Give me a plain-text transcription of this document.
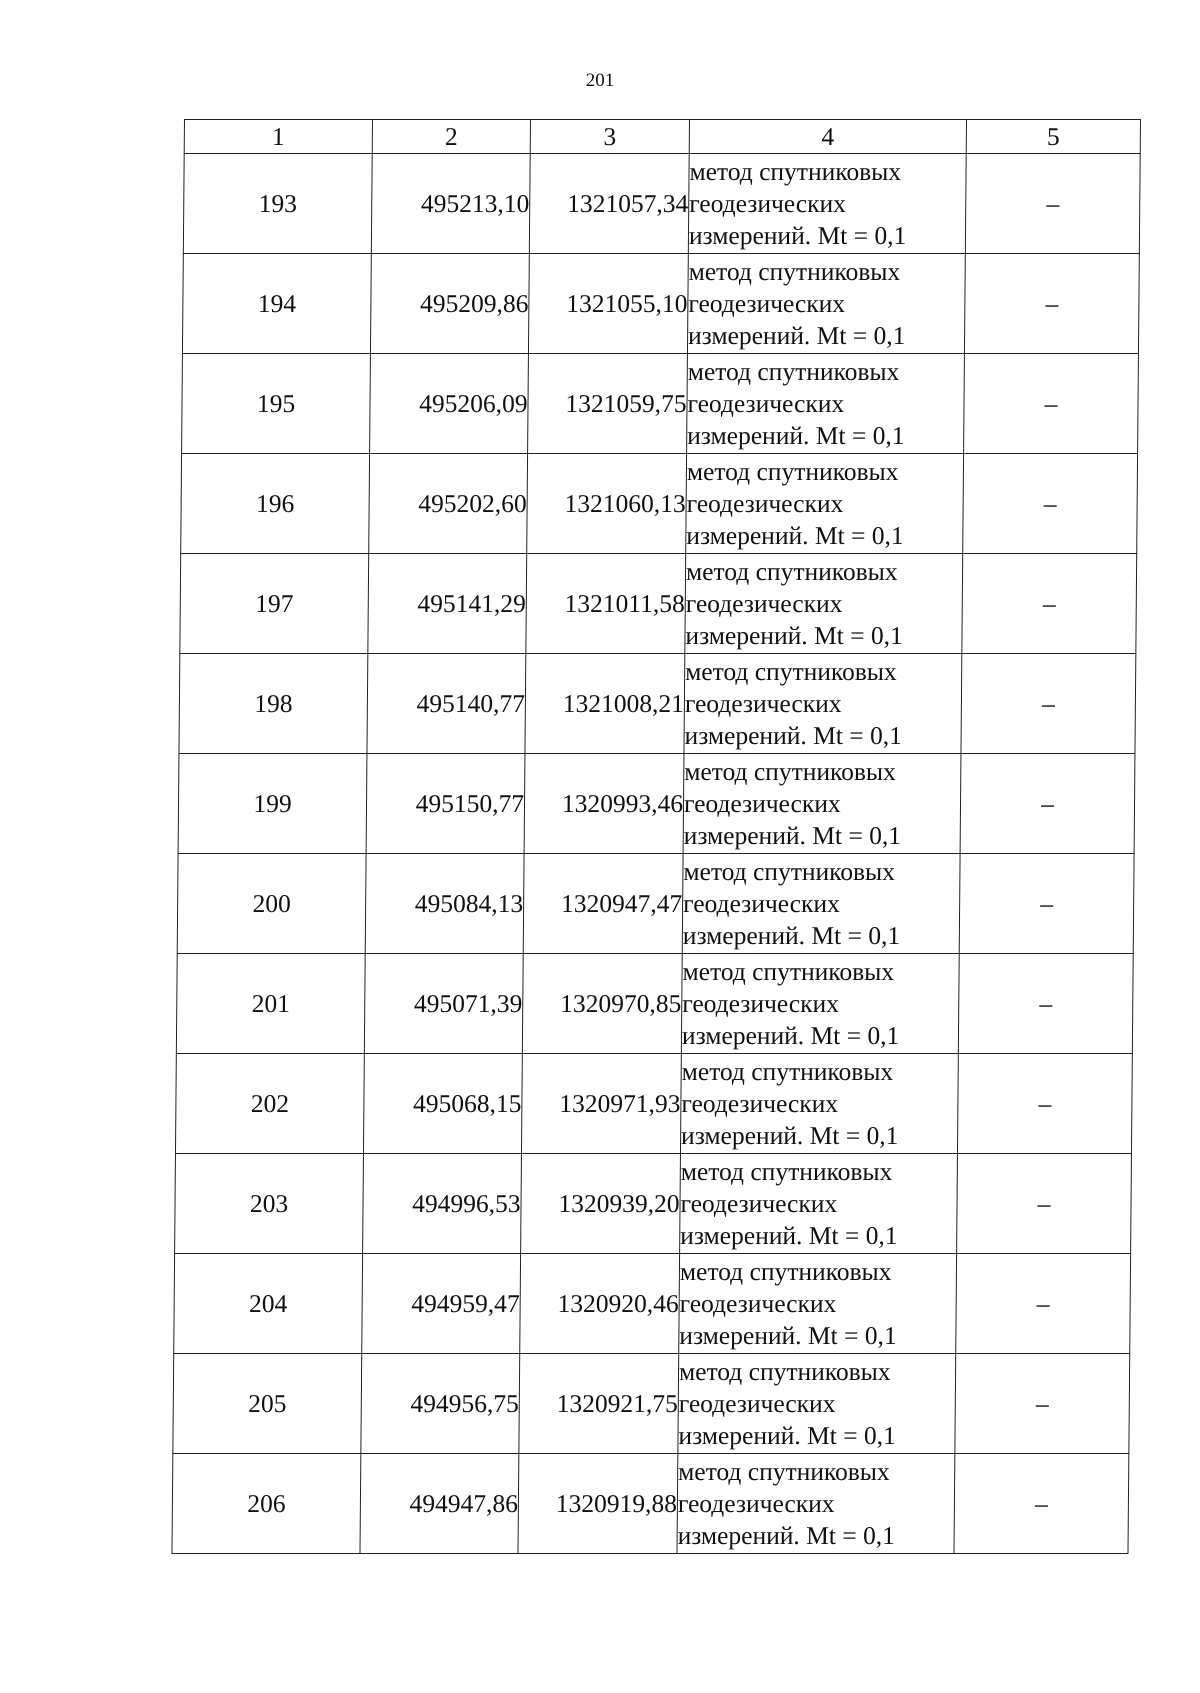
201
1	2	3	4	5
193	495213,10	1321057,34	метод спутниковых
геодезических
измерений. Mt = 0,1	–
194	495209,86	1321055,10	метод спутниковых
геодезических
измерений. Mt = 0,1	–
195	495206,09	1321059,75	метод спутниковых
геодезических
измерений. Mt = 0,1	–
196	495202,60	1321060,13	метод спутниковых
геодезических
измерений. Mt = 0,1	–
197	495141,29	1321011,58	метод спутниковых
геодезических
измерений. Mt = 0,1	–
198	495140,77	1321008,21	метод спутниковых
геодезических
измерений. Mt = 0,1	–
199	495150,77	1320993,46	метод спутниковых
геодезических
измерений. Mt = 0,1	–
200	495084,13	1320947,47	метод спутниковых
геодезических
измерений. Mt = 0,1	–
201	495071,39	1320970,85	метод спутниковых
геодезических
измерений. Mt = 0,1	–
202	495068,15	1320971,93	метод спутниковых
геодезических
измерений. Mt = 0,1	–
203	494996,53	1320939,20	метод спутниковых
геодезических
измерений. Mt = 0,1	–
204	494959,47	1320920,46	метод спутниковых
геодезических
измерений. Mt = 0,1	–
205	494956,75	1320921,75	метод спутниковых
геодезических
измерений. Mt = 0,1	–
206	494947,86	1320919,88	метод спутниковых
геодезических
измерений. Mt = 0,1	–
